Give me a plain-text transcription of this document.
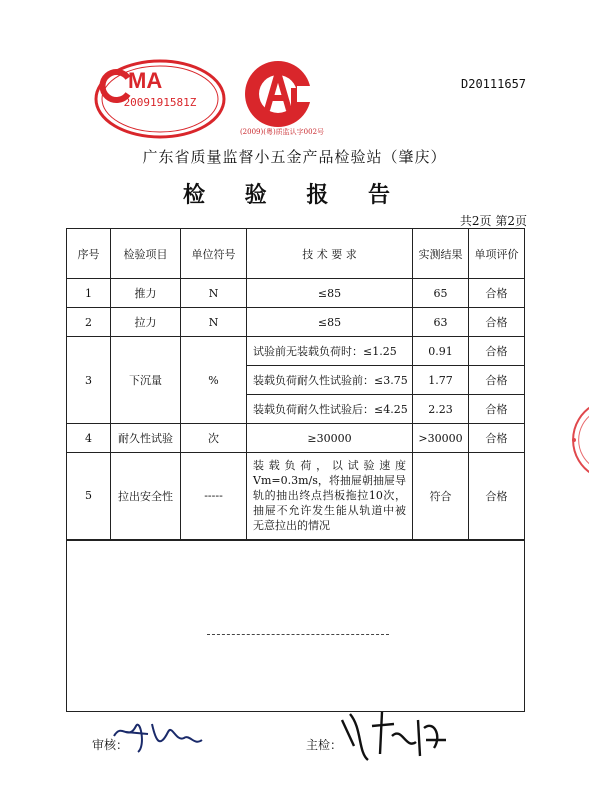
D20111657
MA
2009191581Z
(2009)(粤)质监认字002号
广东省质量监督小五金产品检验站（肇庆）
检 验 报 告
共2页 第2页
序号	检验项目	单位符号	技 术 要 求	实测结果	单项评价
1	推力	N	≤85	65	合格
2	拉力	N	≤85	63	合格
3	下沉量	%	试验前无装载负荷时：≤1.25	0.91	合格
			装载负荷耐久性试验前：≤3.75	1.77	合格
			装载负荷耐久性试验后：≤4.25	2.23	合格
4	耐久性试验	次	≥30000	>30000	合格
5	拉出安全性	-----	装载负荷，以试验速度Vm=0.3m/s，将抽屉朝抽屉导轨的抽出终点挡板拖拉10次，抽屉不允许发生能从轨道中被无意拉出的情况	符合	合格

审核：	主检：
